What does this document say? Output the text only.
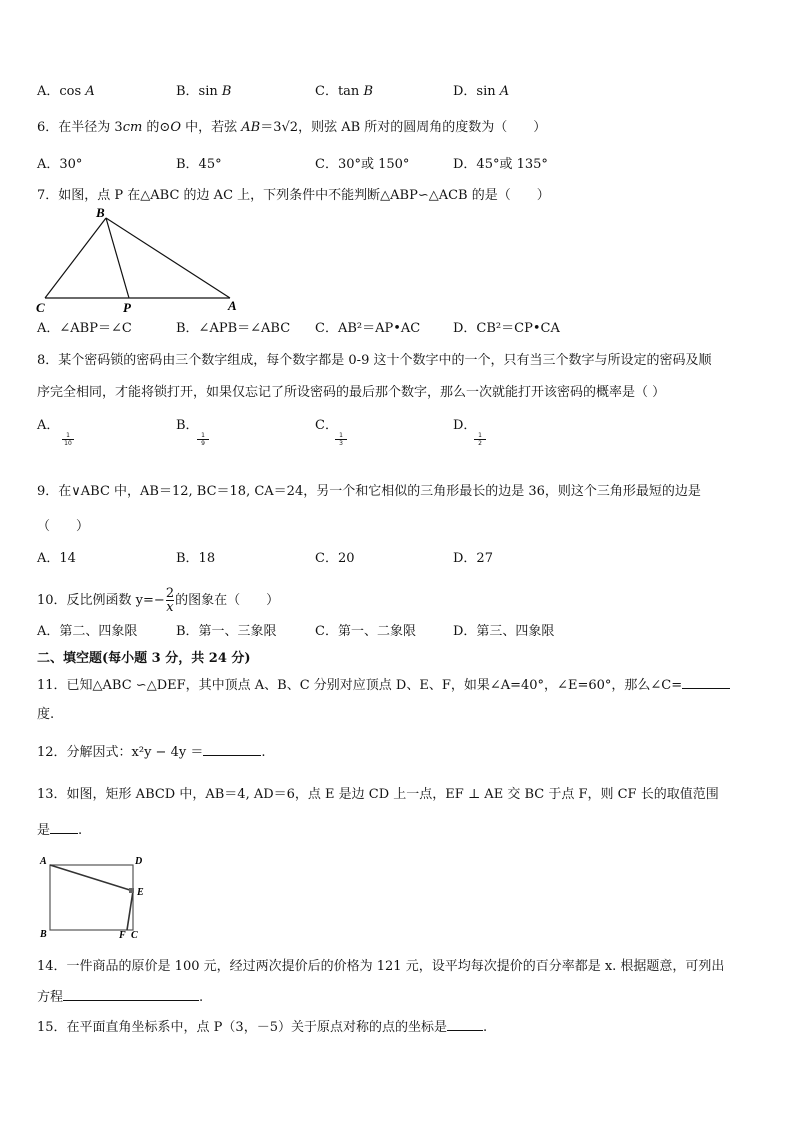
A．cos A	B．sin B	C．tan B	D．sin A
6．在半径为 3cm 的⊙O 中，若弦 AB＝3√2，则弦 AB 所对的圆周角的度数为（　　）
A．30°	B．45°	C．30°或 150°	D．45°或 135°
7．如图，点 P 在△ABC 的边 AC 上，下列条件中不能判断△ABP∽△ACB 的是（　　）
B
C	P	A
A．∠ABP＝∠C	B．∠APB＝∠ABC C．AB²＝AP•AC	D．CB²＝CP•CA
8．某个密码锁的密码由三个数字组成，每个数字都是 0-9 这十个数字中的一个，只有当三个数字与所设定的密码及顺
序完全相同，才能将锁打开，如果仅忘记了所设密码的最后那个数字，那么一次就能打开该密码的概率是（ ）
A．
$\frac{1}{10}$
B．
$\frac{1}{9}$
C．
$\frac{1}{3}$
D．
$\frac{1}{2}$
9．在∨ABC 中，AB＝12, BC＝18, CA＝24，另一个和它相似的三角形最长的边是 36，则这个三角形最短的边是
（　　）
A．14	B．18	C．20	D．27
10．反比例函数 $y=- \frac{2}{x}$ 的图象在（　　）
A．第二、四象限	B．第一、三象限	C．第一、二象限	D．第三、四象限
二、填空题(每小题 3 分，共 24 分)
11．已知△ABC ∽△DEF，其中顶点 A、B、C 分别对应顶点 D、E、F，如果∠A=40°，∠E=60°，那么∠C=
度.
12．分解因式：x²y − 4y ＝	.
13．如图，矩形 ABCD 中，AB＝4, AD＝6，点 E 是边 CD 上一点，EF ⊥ AE 交 BC 于点 F，则 CF 长的取值范围
是 .
A	D
E
B	F C
14．一件商品的原价是 100 元，经过两次提价后的价格为 121 元，设平均每次提价的百分率都是 x. 根据题意，可列出
方程	.
15．在平面直角坐标系中，点 P（3，－5）关于原点对称的点的坐标是	.
